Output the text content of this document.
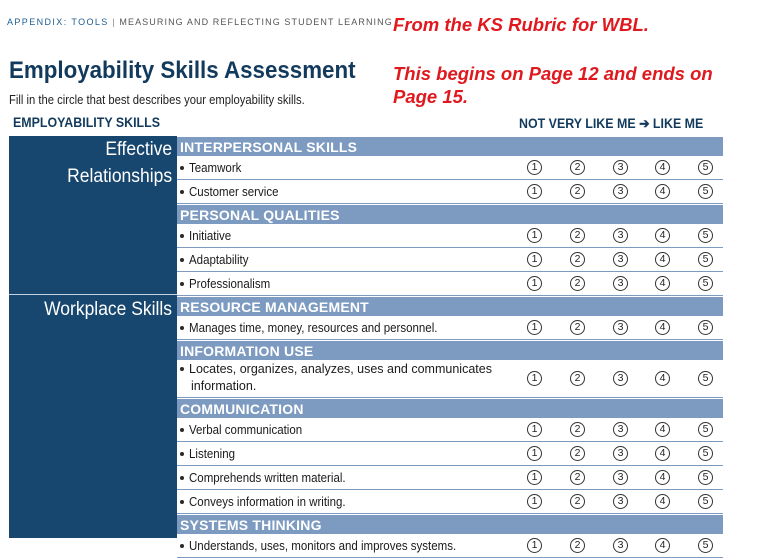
APPENDIX: TOOLS | MEASURING AND REFLECTING STUDENT LEARNING
Employability Skills Assessment
Fill in the circle that best describes your employability skills.
From the KS Rubric for WBL.
This begins on Page 12 and ends on Page 15.
EMPLOYABILITY SKILLS	NOT VERY LIKE ME ➔ LIKE ME
Effective
Relationships
Workplace Skills
INTERPERSONAL SKILLS
Teamwork	1	2	3	4	5
Customer service	1	2	3	4	5
PERSONAL QUALITIES
Initiative	1	2	3	4	5
Adaptability	1	2	3	4	5
Professionalism	1	2	3	4	5
RESOURCE MANAGEMENT
Manages time, money, resources and personnel.	1	2	3	4	5
INFORMATION USE
Locates, organizes, analyzes, uses and communicates information.
1	2	3	4	5
COMMUNICATION
Verbal communication	1	2	3	4	5
Listening	1	2	3	4	5
Comprehends written material.	1	2	3	4	5
Conveys information in writing.	1	2	3	4	5
SYSTEMS THINKING
Understands, uses, monitors and improves systems.	1	2	3	4	5
